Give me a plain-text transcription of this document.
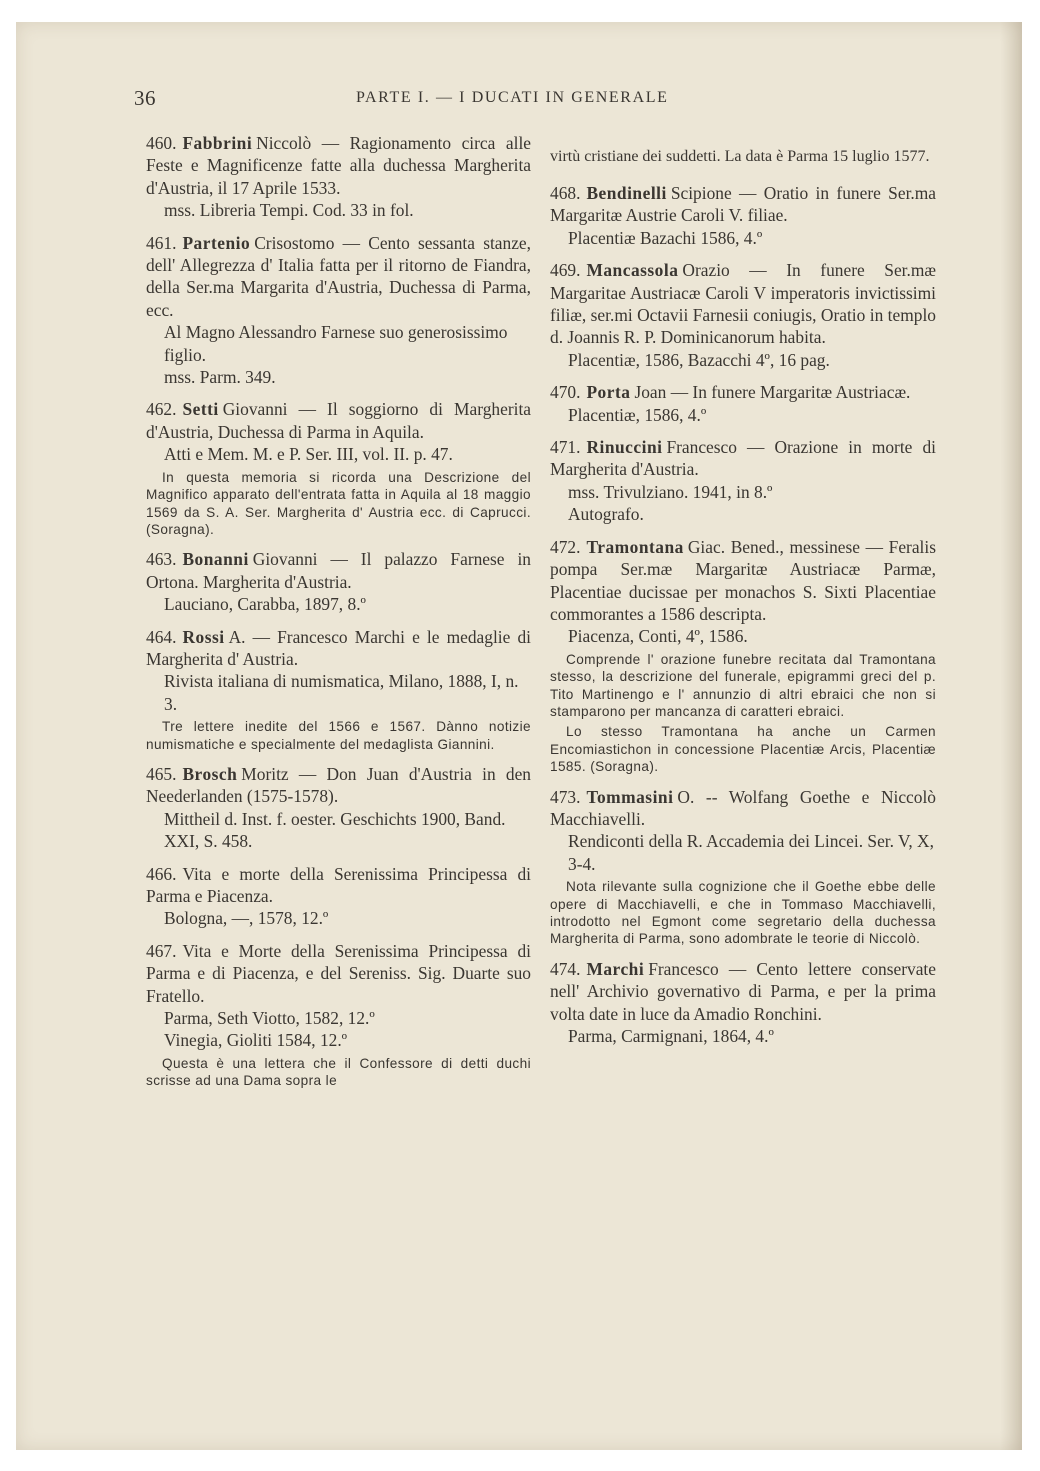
36	PARTE I. — I DUCATI IN GENERALE

460. Fabbrini Niccolò — Ragionamento circa alle Feste e Magnificenze fatte alla duchessa Margherita d'Austria, il 17 Aprile 1533.

mss. Libreria Tempi. Cod. 33 in fol.

461. Partenio Crisostomo — Cento sessanta stanze, dell' Allegrezza d' Italia fatta per il ritorno de Fiandra, della Ser.ma Margarita d'Austria, Duchessa di Parma, ecc.

Al Magno Alessandro Farnese suo generosissimo figlio.

mss. Parm. 349.

462. Setti Giovanni — Il soggiorno di Margherita d'Austria, Duchessa di Parma in Aquila.

Atti e Mem. M. e P. Ser. III, vol. II. p. 47.

In questa memoria si ricorda una Descrizione del Magnifico apparato dell'entrata fatta in Aquila al 18 maggio 1569 da S. A. Ser. Margherita d' Austria ecc. di Caprucci. (Soragna).

463. Bonanni Giovanni — Il palazzo Farnese in Ortona. Margherita d'Austria.

Lauciano, Carabba, 1897, 8.º

464. Rossi A. — Francesco Marchi e le medaglie di Margherita d' Austria.

Rivista italiana di numismatica, Milano, 1888, I, n. 3.

Tre lettere inedite del 1566 e 1567. Dànno notizie numismatiche e specialmente del medaglista Giannini.

465. Brosch Moritz — Don Juan d'Austria in den Neederlanden (1575-1578).

Mittheil d. Inst. f. oester. Geschichts 1900, Band. XXI, S. 458.

466. Vita e morte della Serenissima Principessa di Parma e Piacenza.

Bologna, —, 1578, 12.º

467. Vita e Morte della Serenissima Principessa di Parma e di Piacenza, e del Sereniss. Sig. Duarte suo Fratello.

Parma, Seth Viotto, 1582, 12.º

Vinegia, Gioliti 1584, 12.º

Questa è una lettera che il Confessore di detti duchi scrisse ad una Dama sopra le

virtù cristiane dei suddetti. La data è Parma 15 luglio 1577.

468. Bendinelli Scipione — Oratio in funere Ser.ma Margaritæ Austrie Caroli V. filiae.

Placentiæ Bazachi 1586, 4.º

469. Mancassola Orazio — In funere Ser.mæ Margaritae Austriacæ Caroli V imperatoris invictissimi filiæ, ser.mi Octavii Farnesii coniugis, Oratio in templo d. Joannis R. P. Dominicanorum habita.

Placentiæ, 1586, Bazacchi 4º, 16 pag.

470. Porta Joan — In funere Margaritæ Austriacæ.

Placentiæ, 1586, 4.º

471. Rinuccini Francesco — Orazione in morte di Margherita d'Austria.

mss. Trivulziano. 1941, in 8.º

Autografo.

472. Tramontana Giac. Bened., messinese — Feralis pompa Ser.mæ Margaritæ Austriacæ Parmæ, Placentiae ducissae per monachos S. Sixti Placentiae commorantes a 1586 descripta.

Piacenza, Conti, 4º, 1586.

Comprende l' orazione funebre recitata dal Tramontana stesso, la descrizione del funerale, epigrammi greci del p. Tito Martinengo e l' annunzio di altri ebraici che non si stamparono per mancanza di caratteri ebraici.

Lo stesso Tramontana ha anche un Carmen Encomiastichon in concessione Placentiæ Arcis, Placentiæ 1585. (Soragna).

473. Tommasini O. -- Wolfang Goethe e Niccolò Macchiavelli.

Rendiconti della R. Accademia dei Lincei. Ser. V, X, 3-4.

Nota rilevante sulla cognizione che il Goethe ebbe delle opere di Macchiavelli, e che in Tommaso Macchiavelli, introdotto nel Egmont come segretario della duchessa Margherita di Parma, sono adombrate le teorie di Niccolò.

474. Marchi Francesco — Cento lettere conservate nell' Archivio governativo di Parma, e per la prima volta date in luce da Amadio Ronchini.

Parma, Carmignani, 1864, 4.º
